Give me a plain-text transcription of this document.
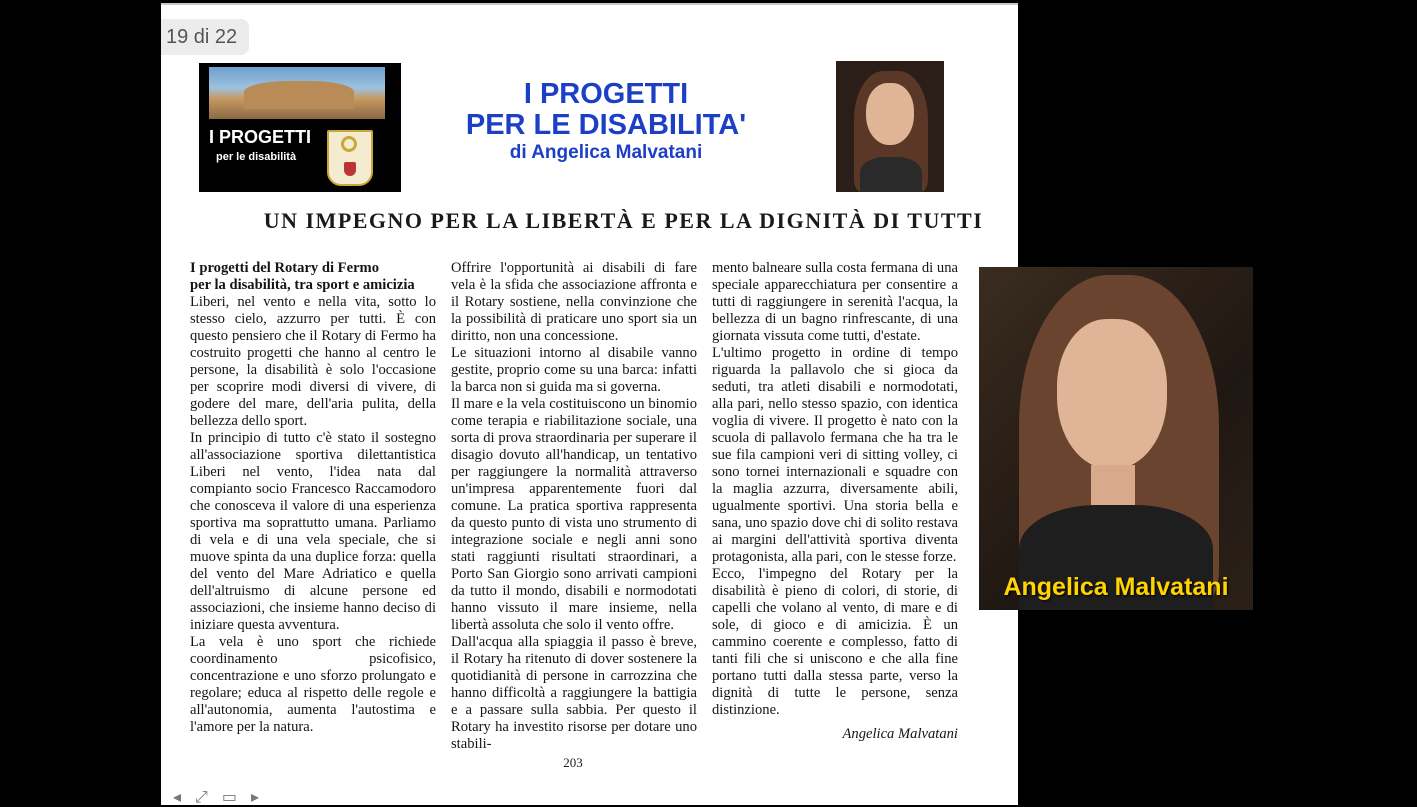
19 di 22
I PROGETTI
per le disabilità
I PROGETTI
PER LE DISABILITA'
di Angelica Malvatani
UN IMPEGNO PER LA LIBERTÀ E PER LA DIGNITÀ DI TUTTI

I progetti del Rotary di Fermo

per la disabilità, tra sport e amicizia

Liberi, nel vento e nella vita, sotto lo stesso cielo, azzurro per tutti. È con questo pensiero che il Rotary di Fermo ha costruito progetti che hanno al centro le persone, la disabilità è solo l'occasione per scoprire modi diversi di vivere, di godere del mare, dell'aria pulita, della bellezza dello sport.

In principio di tutto c'è stato il sostegno all'associazione sportiva dilettantistica Liberi nel vento, l'idea nata dal compianto socio Francesco Raccamodoro che conosceva il valore di una esperienza sportiva ma soprattutto umana. Parliamo di vela e di una vela speciale, che si muove spinta da una duplice forza: quella del vento del Mare Adriatico e quella dell'altruismo di alcune persone ed associazioni, che insieme hanno deciso di iniziare questa avventura.

La vela è uno sport che richiede coordinamento psicofisico, concentrazione e uno sforzo prolungato e regolare; educa al rispetto delle regole e all'autonomia, aumenta l'autostima e l'amore per la natura.

Offrire l'opportunità ai disabili di fare vela è la sfida che associazione affronta e il Rotary sostiene, nella convinzione che la possibilità di praticare uno sport sia un diritto, non una concessione.

Le situazioni intorno al disabile vanno gestite, proprio come su una barca: infatti la barca non si guida ma si governa.

Il mare e la vela costituiscono un binomio come terapia e riabilitazione sociale, una sorta di prova straordinaria per superare il disagio dovuto all'handicap, un tentativo per raggiungere la normalità attraverso un'impresa apparentemente fuori dal comune. La pratica sportiva rappresenta da questo punto di vista uno strumento di integrazione sociale e negli anni sono stati raggiunti risultati straordinari, a Porto San Giorgio sono arrivati campioni da tutto il mondo, disabili e normodotati hanno vissuto il mare insieme, nella libertà assoluta che solo il vento offre.

Dall'acqua alla spiaggia il passo è breve, il Rotary ha ritenuto di dover sostenere la quotidianità di persone in carrozzina che hanno difficoltà a raggiungere la battigia e a passare sulla sabbia. Per questo il Rotary ha investito risorse per dotare uno stabili-

mento balneare sulla costa fermana di una speciale apparecchiatura per consentire a tutti di raggiungere in serenità l'acqua, la bellezza di un bagno rinfrescante, di una giornata vissuta come tutti, d'estate.

L'ultimo progetto in ordine di tempo riguarda la pallavolo che si gioca da seduti, tra atleti disabili e normodotati, alla pari, nello stesso spazio, con identica voglia di vivere. Il progetto è nato con la scuola di pallavolo fermana che ha tra le sue fila campioni veri di sitting volley, ci sono tornei internazionali e squadre con la maglia azzurra, diversamente abili, ugualmente sportivi. Una storia bella e sana, uno spazio dove chi di solito restava ai margini dell'attività sportiva diventa protagonista, alla pari, con le stesse forze.

Ecco, l'impegno del Rotary per la disabilità è pieno di colori, di storie, di capelli che volano al vento, di mare e di sole, di gioco e di amicizia. È un cammino coerente e complesso, fatto di tanti fili che si uniscono e che alla fine portano tutti dalla stessa parte, verso la dignità di tutte le persone, senza distinzione.

Angelica Malvatani

203
◂⤢▭▸
Angelica Malvatani
